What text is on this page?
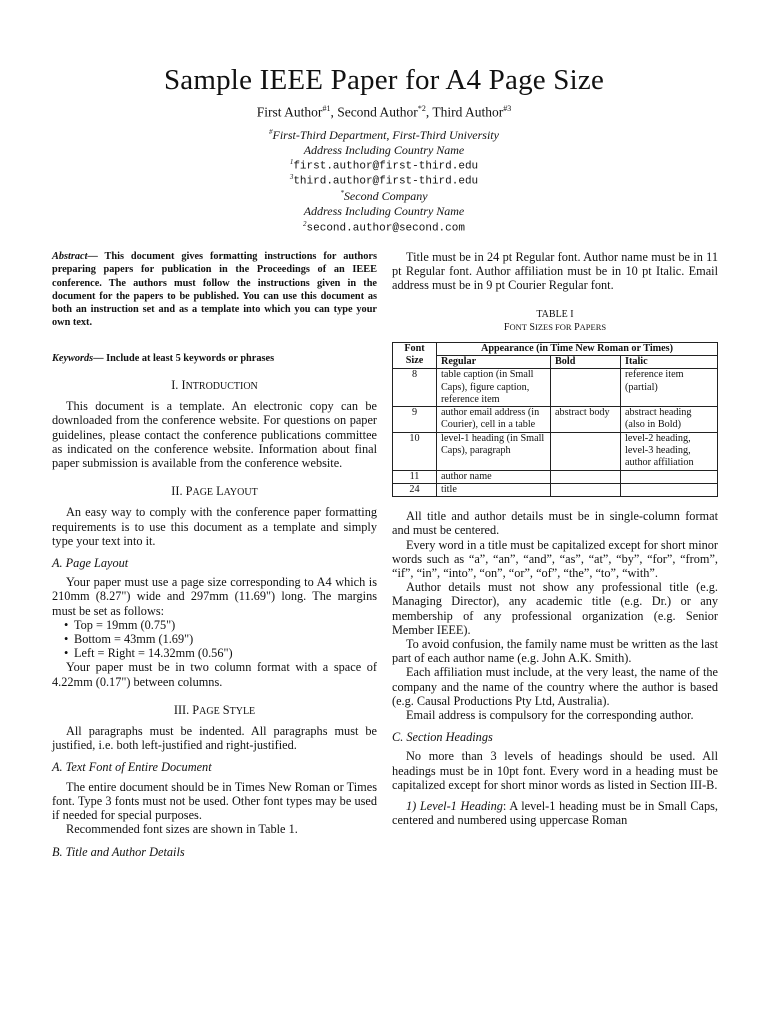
Sample IEEE Paper for A4 Page Size
First Author$^{\#1}$, Second Author$^{*2}$, Third Author$^{\#3}$
#First-Third Department, First-Third University
Address Including Country Name
$^1$first.author@first-third.edu
$^3$third.author@first-third.edu
*Second Company
Address Including Country Name
$^2$second.author@second.com
Abstract— This document gives formatting instructions for authors preparing papers for publication in the Proceedings of an IEEE conference. The authors must follow the instructions given in the document for the papers to be published. You can use this document as both an instruction set and as a template into which you can type your own text.
Keywords— Include at least 5 keywords or phrases
I. INTRODUCTION

This document is a template. An electronic copy can be downloaded from the conference website. For questions on paper guidelines, please contact the conference publications committee as indicated on the conference website. Information about final paper submission is available from the conference website.

II. PAGE LAYOUT

An easy way to comply with the conference paper formatting requirements is to use this document as a template and simply type your text into it.

A. Page Layout

Your paper must use a page size corresponding to A4 which is 210mm (8.27") wide and 297mm (11.69") long. The margins must be set as follows:

• Top = 19mm (0.75")
• Bottom = 43mm (1.69")
• Left = Right = 14.32mm (0.56")

Your paper must be in two column format with a space of 4.22mm (0.17") between columns.

III. PAGE STYLE

All paragraphs must be indented. All paragraphs must be justified, i.e. both left-justified and right-justified.

A. Text Font of Entire Document

The entire document should be in Times New Roman or Times font. Type 3 fonts must not be used. Other font types may be used if needed for special purposes.

Recommended font sizes are shown in Table 1.

B. Title and Author Details

Title must be in 24 pt Regular font. Author name must be in 11 pt Regular font. Author affiliation must be in 10 pt Italic. Email address must be in 9 pt Courier Regular font.

TABLE I
FONT SIZES FOR PAPERS
Font Size	Appearance (in Time New Roman or Times)		
	Regular	Bold	Italic
8	table caption (in Small Caps), figure caption, reference item		reference item (partial)
9	author email address (in Courier), cell in a table	abstract body	abstract heading (also in Bold)
10	level-1 heading (in Small Caps), paragraph		level-2 heading, level-3 heading, author affiliation
11	author name		
24	title		

All title and author details must be in single-column format and must be centered.

Every word in a title must be capitalized except for short minor words such as “a”, “an”, “and”, “as”, “at”, “by”, “for”, “from”, “if”, “in”, “into”, “on”, “or”, “of”, “the”, “to”, “with”.

Author details must not show any professional title (e.g. Managing Director), any academic title (e.g. Dr.) or any membership of any professional organization (e.g. Senior Member IEEE).

To avoid confusion, the family name must be written as the last part of each author name (e.g. John A.K. Smith).

Each affiliation must include, at the very least, the name of the company and the name of the country where the author is based (e.g. Causal Productions Pty Ltd, Australia).

Email address is compulsory for the corresponding author.

C. Section Headings

No more than 3 levels of headings should be used. All headings must be in 10pt font. Every word in a heading must be capitalized except for short minor words as listed in Section III-B.

1) Level-1 Heading: A level-1 heading must be in Small Caps, centered and numbered using uppercase Roman
